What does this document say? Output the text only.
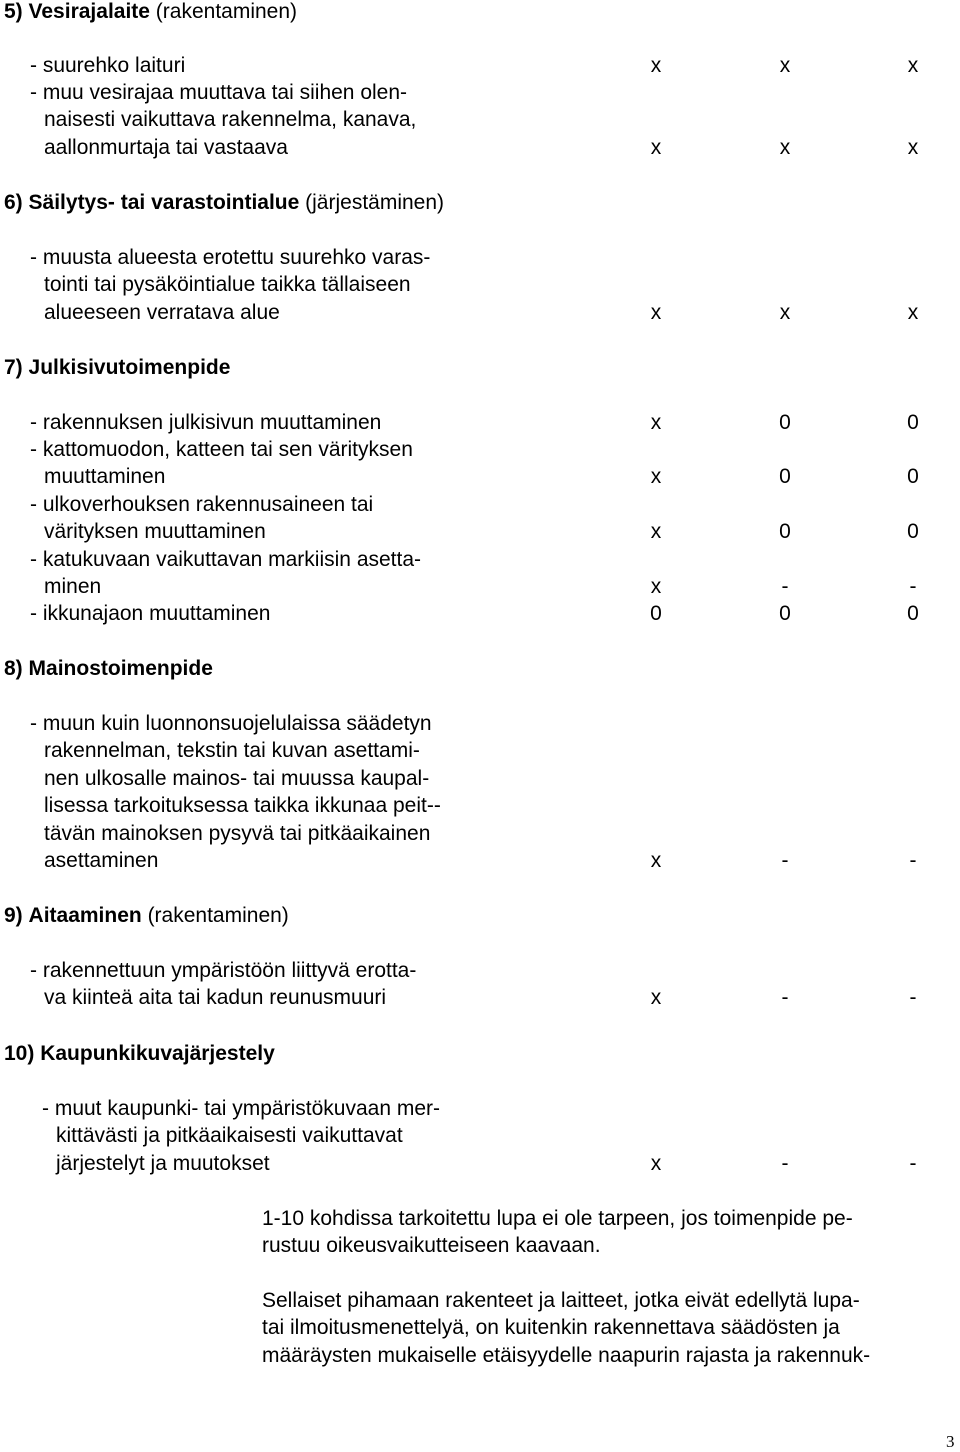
5) Vesirajalaite (rakentaminen)
- suurehko laituri	x	x	x
- muu vesirajaa muuttava tai siihen olen-
naisesti vaikuttava rakennelma, kanava,
aallonmurtaja tai vastaava	x	x	x
6) Säilytys- tai varastointialue (järjestäminen)
- muusta alueesta erotettu suurehko varas-
tointi tai pysäköintialue taikka tällaiseen
alueeseen verratava alue	x	x	x
7) Julkisivutoimenpide
- rakennuksen julkisivun muuttaminen	x	0	0
- kattomuodon, katteen tai sen värityksen
muuttaminen	x	0	0
- ulkoverhouksen rakennusaineen tai
värityksen muuttaminen	x	0	0
- katukuvaan vaikuttavan markiisin asetta-
minen	x	-	-
- ikkunajaon muuttaminen	0	0	0
8) Mainostoimenpide
- muun kuin luonnonsuojelulaissa säädetyn
rakennelman, tekstin tai kuvan asettami-
nen ulkosalle mainos- tai muussa kaupal-
lisessa tarkoituksessa taikka ikkunaa peit--
tävän mainoksen pysyvä tai pitkäaikainen
asettaminen	x	-	-
9) Aitaaminen (rakentaminen)
- rakennettuun ympäristöön liittyvä erotta-
va kiinteä aita tai kadun reunusmuuri	x	-	-
10) Kaupunkikuvajärjestely
- muut kaupunki- tai ympäristökuvaan mer-
kittävästi ja pitkäaikaisesti vaikuttavat
järjestelyt ja muutokset	x	-	-
1-10 kohdissa tarkoitettu lupa ei ole tarpeen, jos toimenpide pe-
rustuu oikeusvaikutteiseen kaavaan.
Sellaiset pihamaan rakenteet ja laitteet, jotka eivät edellytä lupa-
tai ilmoitusmenettelyä, on kuitenkin rakennettava säädösten ja
määräysten mukaiselle etäisyydelle naapurin rajasta ja rakennuk-
3
